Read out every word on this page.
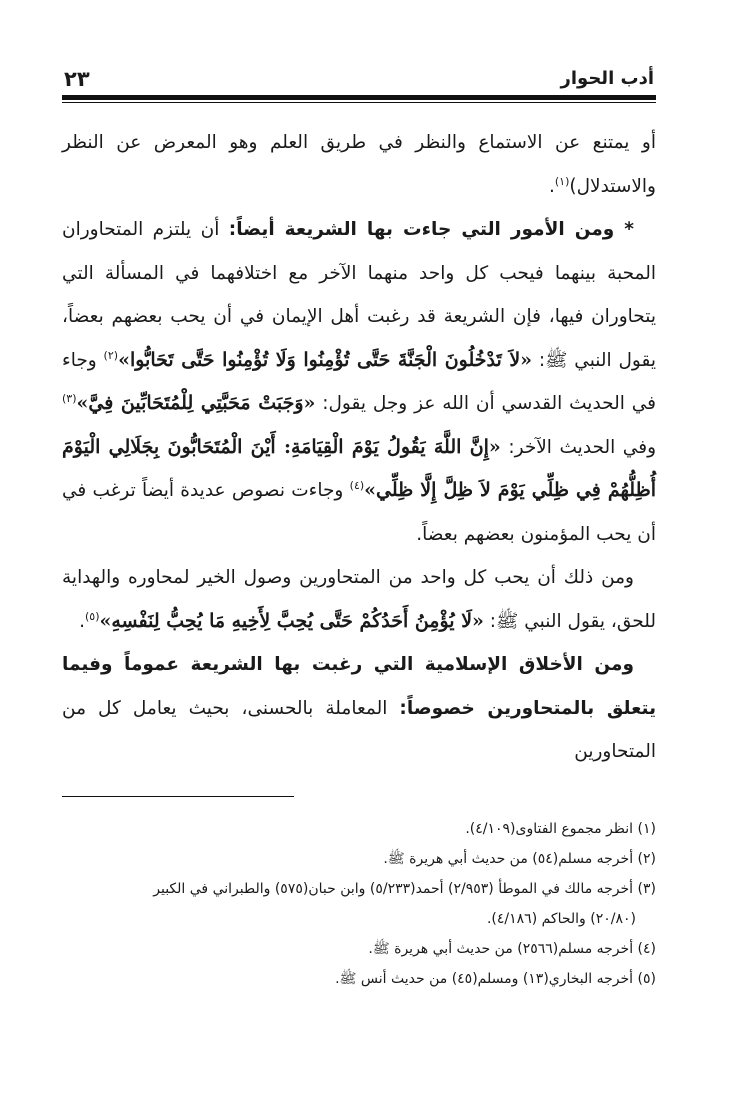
أدب الحوار
٢٣

أو يمتنع عن الاستماع والنظر في طريق العلم وهو المعرض عن النظر والاستدلال)$^{(١)}$.

* ومن الأمور التي جاءت بها الشريعة أيضاً: أن يلتزم المتحاوران المحبة بينهما فيحب كل واحد منهما الآخر مع اختلافهما في المسألة التي يتحاوران فيها، فإن الشريعة قد رغبت أهل الإيمان في أن يحب بعضهم بعضاً، يقول النبي ﷺ: «لاَ تَدْخُلُونَ الْجَنَّةَ حَتَّى تُؤْمِنُوا وَلَا تُؤْمِنُوا حَتَّى تَحَابُّوا»$^{(٢)}$ وجاء في الحديث القدسي أن الله عز وجل يقول: «وَجَبَتْ مَحَبَّتِي لِلْمُتَحَابِّينَ فِيَّ»$^{(٣)}$ وفي الحديث الآخر: «إِنَّ اللَّهَ يَقُولُ يَوْمَ الْقِيَامَةِ: أَيْنَ الْمُتَحَابُّونَ بِجَلَالِي الْيَوْمَ أُظِلُّهُمْ فِي ظِلِّي يَوْمَ لاَ ظِلَّ إِلَّا ظِلِّي»$^{(٤)}$ وجاءت نصوص عديدة أيضاً ترغب في أن يحب المؤمنون بعضهم بعضاً.

ومن ذلك أن يحب كل واحد من المتحاورين وصول الخير لمحاوره والهداية للحق، يقول النبي ﷺ: «لَا يُؤْمِنُ أَحَدُكُمْ حَتَّى يُحِبَّ لِأَخِيهِ مَا يُحِبُّ لِنَفْسِهِ»$^{(٥)}$.

ومن الأخلاق الإسلامية التي رغبت بها الشريعة عموماً وفيما يتعلق بالمتحاورين خصوصاً: المعاملة بالحسنى، بحيث يعامل كل من المتحاورين

(١) انظر مجموع الفتاوى(٤/١٠٩).

(٢) أخرجه مسلم(٥٤) من حديث أبي هريرة ﷺ.

(٣) أخرجه مالك في الموطأ (٢/٩٥٣) أحمد(٥/٢٣٣) وابن حبان(٥٧٥) والطبراني في الكبير

(٢٠/٨٠) والحاكم (٤/١٨٦).

(٤) أخرجه مسلم(٢٥٦٦) من حديث أبي هريرة ﷺ.

(٥) أخرجه البخاري(١٣) ومسلم(٤٥) من حديث أنس ﷺ.
